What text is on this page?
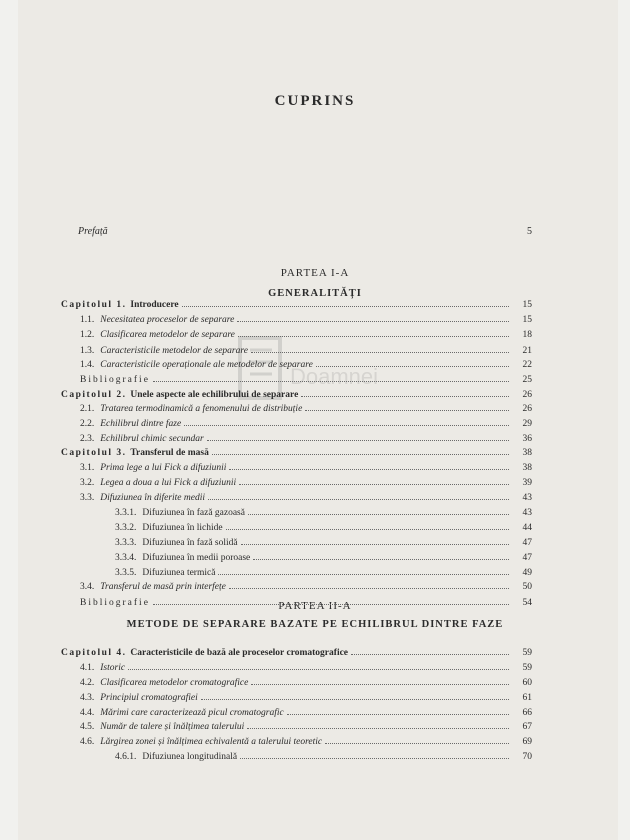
CUPRINS
Prefață	5
PARTEA I-A
GENERALITĂȚI
PARTEA II-A
METODE DE SEPARARE BAZATE PE ECHILIBRUL DINTRE FAZE
Doamnei
Capitolul 1. Introducere	15
1.1. Necesitatea proceselor de separare	15
1.2. Clasificarea metodelor de separare	18
1.3. Caracteristicile metodelor de separare	21
1.4. Caracteristicile operaționale ale metodelor de separare	22
Bibliografie	25
Capitolul 2. Unele aspecte ale echilibrului de separare	26
2.1. Tratarea termodinamică a fenomenului de distribuție	26
2.2. Echilibrul dintre faze	29
2.3. Echilibrul chimic secundar	36
Capitolul 3. Transferul de masă	38
3.1. Prima lege a lui Fick a difuziunii	38
3.2. Legea a doua a lui Fick a difuziunii	39
3.3. Difuziunea în diferite medii	43
3.3.1. Difuziunea în fază gazoasă	43
3.3.2. Difuziunea în lichide	44
3.3.3. Difuziunea în fază solidă	47
3.3.4. Difuziunea în medii poroase	47
3.3.5. Difuziunea termică	49
3.4. Transferul de masă prin interfețe	50
Bibliografie	54
Capitolul 4. Caracteristicile de bază ale proceselor cromatografice	59
4.1. Istoric	59
4.2. Clasificarea metodelor cromatografice	60
4.3. Principiul cromatografiei	61
4.4. Mărimi care caracterizează picul cromatografic	66
4.5. Număr de talere și înălțimea talerului	67
4.6. Lărgirea zonei și înălțimea echivalentă a talerului teoretic	69
4.6.1. Difuziunea longitudinală	70
